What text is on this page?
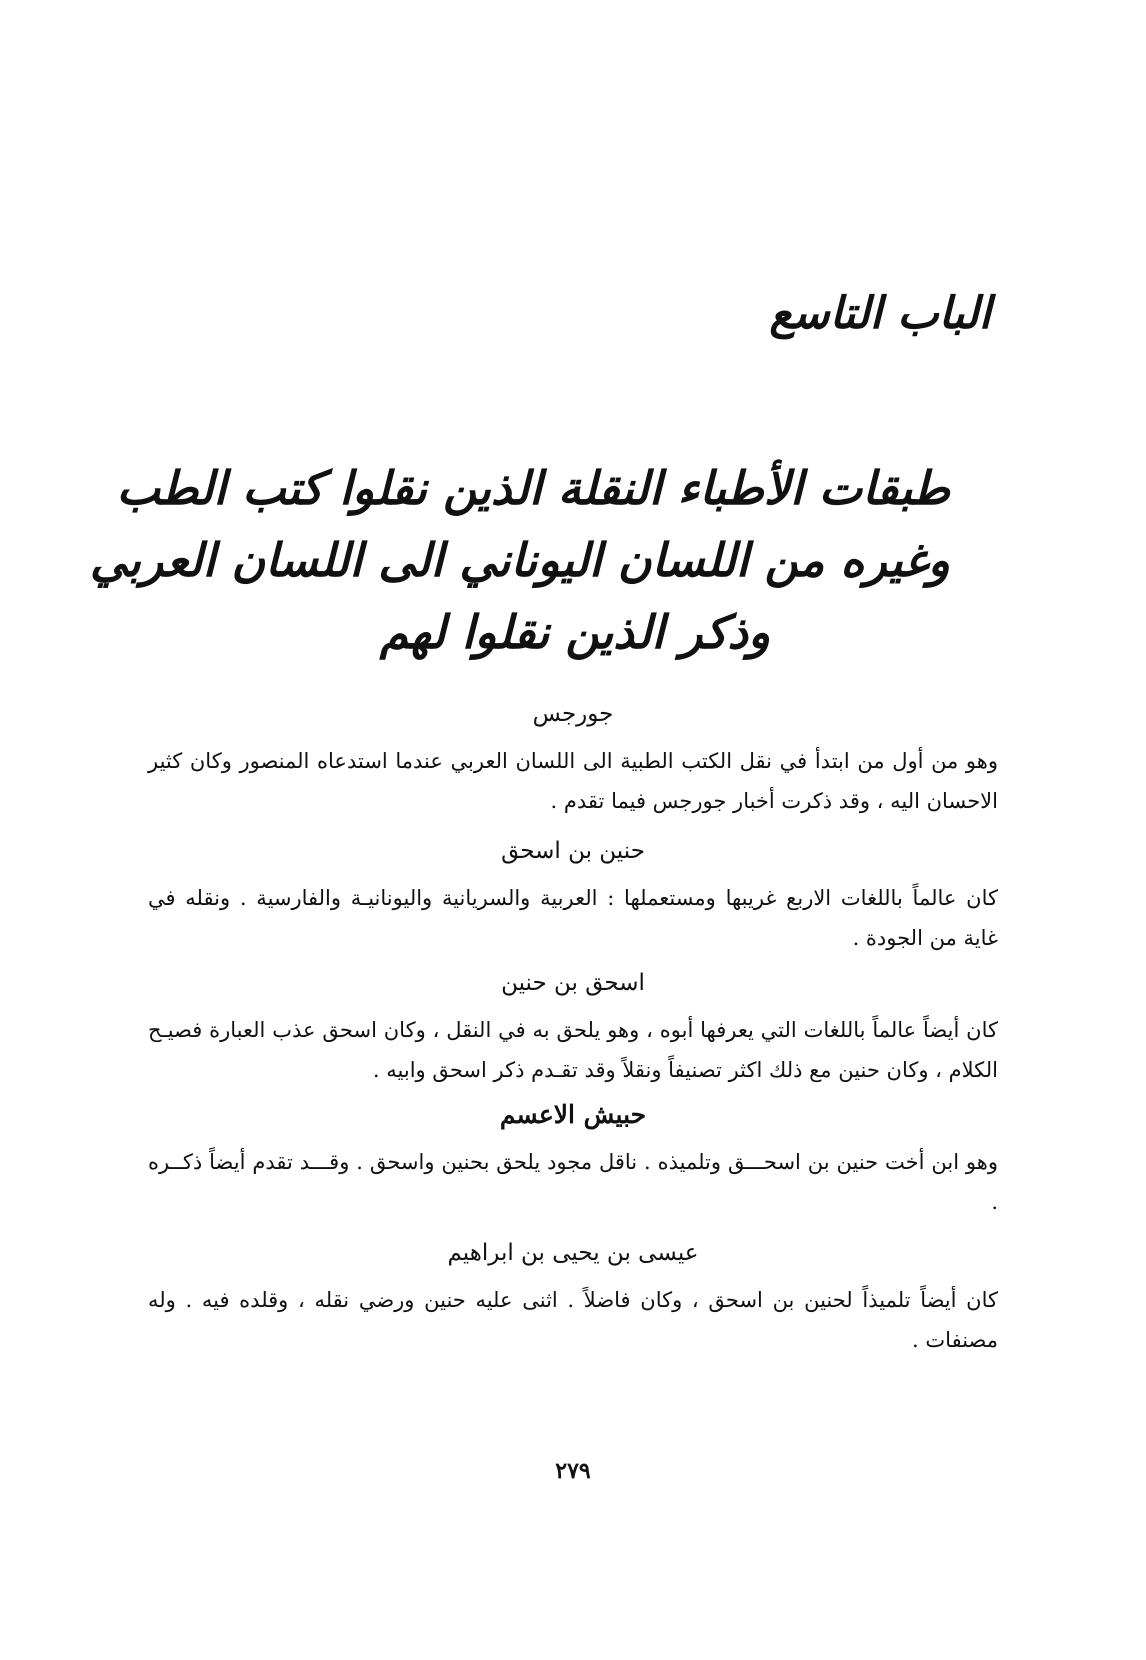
الباب التاسع
طبقات الأطباء النقلة الذين نقلوا كتب الطب
وغيره من اللسان اليوناني الى اللسان العربي
وذكر الذين نقلوا لهم
جورجس
وهو من أول من ابتدأ في نقل الكتب الطبية الى اللسان العربي عندما استدعاه المنصور وكان كثير الاحسان اليه ، وقد ذكرت أخبار جورجس فيما تقدم .
حنين بن اسحق
كان عالماً باللغات الاربع غريبها ومستعملها : العربية والسريانية واليونانيـة والفارسية . ونقله في غاية من الجودة .
اسحق بن حنين
كان أيضاً عالماً باللغات التي يعرفها أبوه ، وهو يلحق به في النقل ، وكان اسحق عذب العبارة فصيـح الكلام ، وكان حنين مع ذلك اكثر تصنيفاً ونقلاً وقد تقـدم ذكر اسحق وابيه .
حبيش الاعسم
وهو ابن أخت حنين بن اسحـــق وتلميذه . ناقل مجود يلحق بحنين واسحق . وقـــد تقدم أيضاً ذكــره .
عيسى بن يحيى بن ابراهيم
كان أيضاً تلميذاً لحنين بن اسحق ، وكان فاضلاً . اثنى عليه حنين ورضي نقله ، وقلده فيه . وله مصنفات .
٢٧٩
